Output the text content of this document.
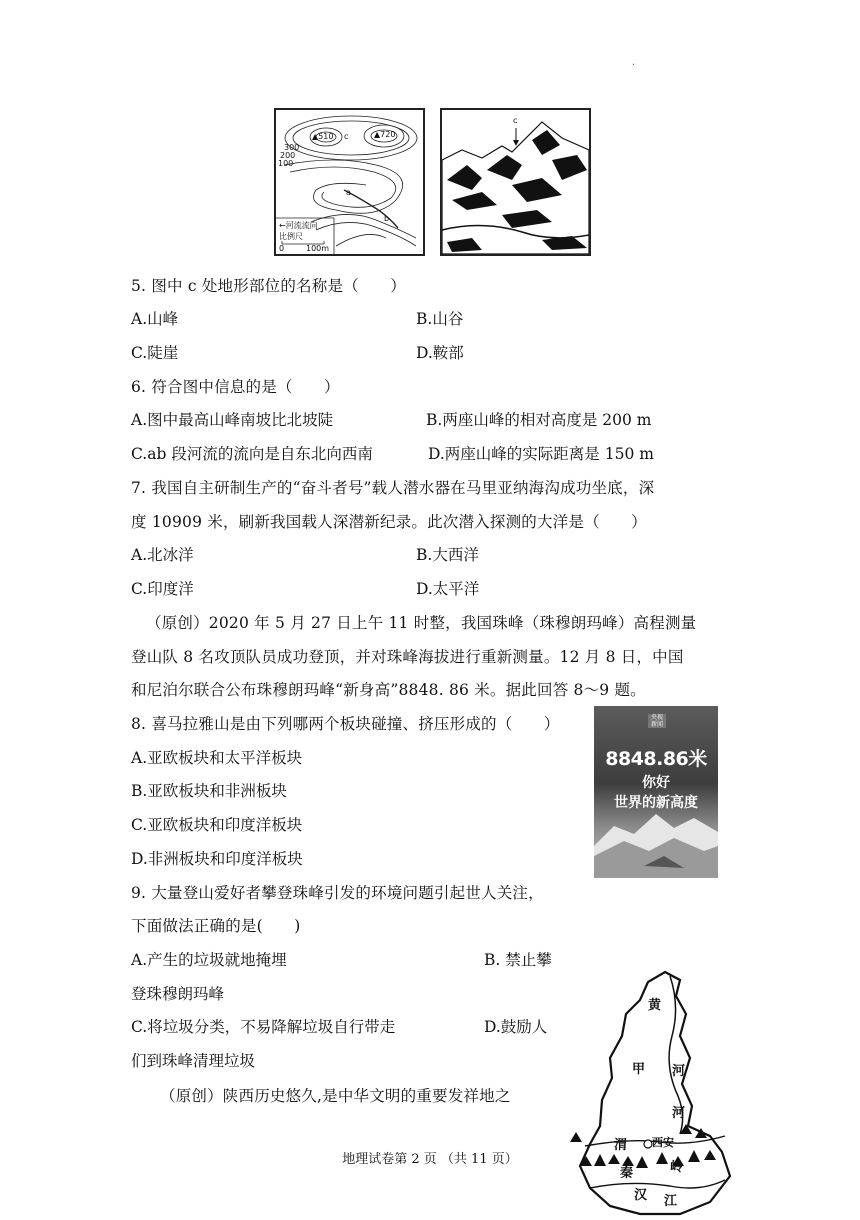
·
▲510 c	▲720
300
200
100
a
b
←河流流向
比例尺
0	100m
c
5. 图中 c 处地形部位的名称是（　　）
A.山峰	B.山谷
C.陡崖	D.鞍部
6. 符合图中信息的是（　　）
A.图中最高山峰南坡比北坡陡	B.两座山峰的相对高度是 200 m
C.ab 段河流的流向是自东北向西南	D.两座山峰的实际距离是 150 m
7. 我国自主研制生产的“奋斗者号”载人潜水器在马里亚纳海沟成功坐底，深
度 10909 米，刷新我国载人深潜新纪录。此次潜入探测的大洋是（　　）
A.北冰洋	B.大西洋
C.印度洋	D.太平洋
（原创）2020 年 5 月 27 日上午 11 时整，我国珠峰（珠穆朗玛峰）高程测量
登山队 8 名攻顶队员成功登顶，并对珠峰海拔进行重新测量。12 月 8 日，中国
和尼泊尔联合公布珠穆朗玛峰“新身高”8848. 86 米。据此回答 8～9 题。
8. 喜马拉雅山是由下列哪两个板块碰撞、挤压形成的（　　）
A.亚欧板块和太平洋板块
B.亚欧板块和非洲板块
C.亚欧板块和印度洋板块
D.非洲板块和印度洋板块
央视 新闻
8848.86米
你好
世界的新高度
9. 大量登山爱好者攀登珠峰引发的环境问题引起世人关注，
下面做法正确的是(　　)
A.产生的垃圾就地掩埋	B. 禁止攀
登珠穆朗玛峰
C.将垃圾分类，不易降解垃圾自行带走	D.鼓励人
们到珠峰清理垃圾
（原创）陕西历史悠久,是中华文明的重要发祥地之
黄
甲 河
河
渭 西安
秦	岭
汉 江
地理试卷第 2 页 （共 11 页）
